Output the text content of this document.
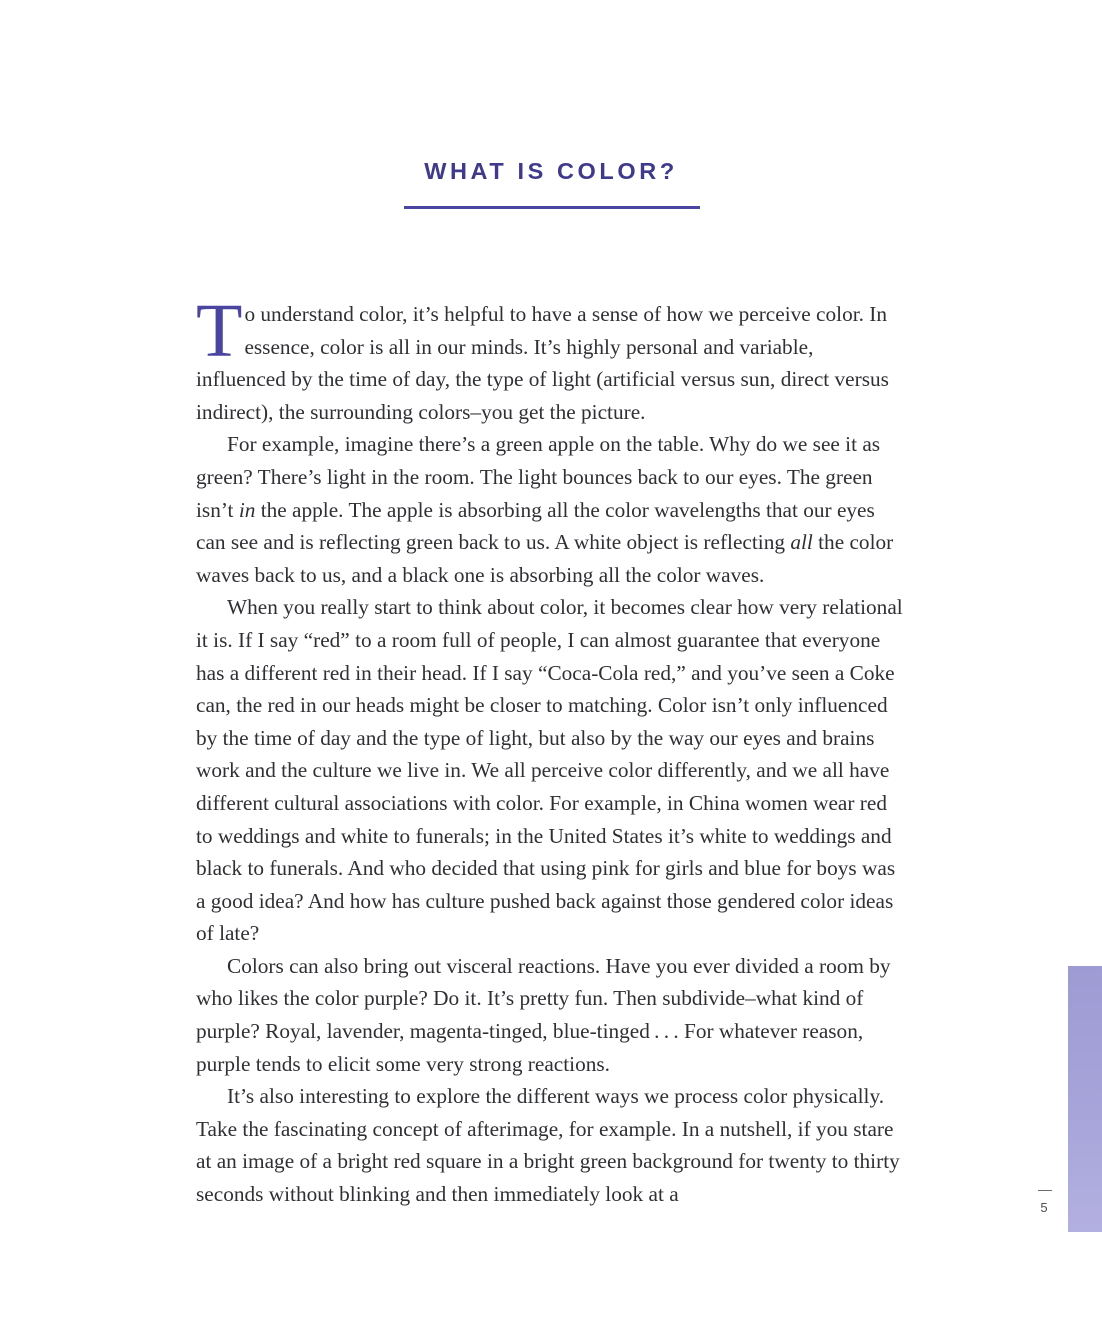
WHAT IS COLOR?

To understand color, it’s helpful to have a sense of how we perceive color. In essence, color is all in our minds. It’s highly personal and variable, influenced by the time of day, the type of light (artificial versus sun, direct versus indirect), the surrounding colors–you get the picture.

For example, imagine there’s a green apple on the table. Why do we see it as green? There’s light in the room. The light bounces back to our eyes. The green isn’t in the apple. The apple is absorbing all the color wavelengths that our eyes can see and is reflecting green back to us. A white object is reflecting all the color waves back to us, and a black one is absorbing all the color waves.

When you really start to think about color, it becomes clear how very relational it is. If I say “red” to a room full of people, I can almost guarantee that everyone has a different red in their head. If I say “Coca-Cola red,” and you’ve seen a Coke can, the red in our heads might be closer to matching. Color isn’t only influenced by the time of day and the type of light, but also by the way our eyes and brains work and the culture we live in. We all perceive color differently, and we all have different cultural associations with color. For example, in China women wear red to weddings and white to funerals; in the United States it’s white to weddings and black to funerals. And who decided that using pink for girls and blue for boys was a good idea? And how has culture pushed back against those gendered color ideas of late?

Colors can also bring out visceral reactions. Have you ever divided a room by who likes the color purple? Do it. It’s pretty fun. Then subdivide–what kind of purple? Royal, lavender, magenta-tinged, blue-tinged . . . For whatever reason, purple tends to elicit some very strong reactions.

It’s also interesting to explore the different ways we process color physically. Take the fascinating concept of afterimage, for example. In a nutshell, if you stare at an image of a bright red square in a bright green background for twenty to thirty seconds without blinking and then immediately look at a

5
